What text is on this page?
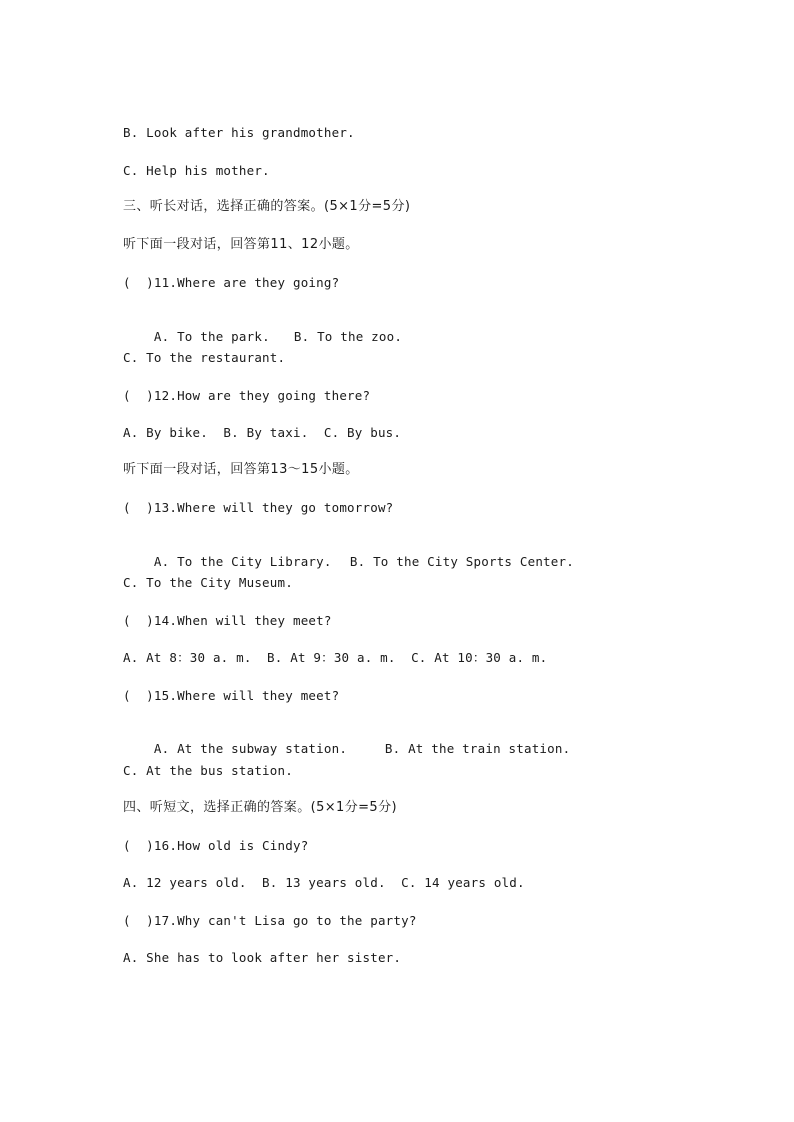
B. Look after his grandmother.
C. Help his mother.
三、听长对话，选择正确的答案。(5×1分=5分)
听下面一段对话，回答第11、12小题。
(  )11.Where are they going?

A. To the park. B. To the zoo.

C. To the restaurant.
(  )12.How are they going there?
A. By bike.  B. By taxi.  C. By bus.
听下面一段对话，回答第13～15小题。
(  )13.Where will they go tomorrow?

A. To the City Library. B. To the City Sports Center.

C. To the City Museum.
(  )14.When will they meet?
A. At 8：30 a. m.  B. At 9：30 a. m.  C. At 10：30 a. m.
(  )15.Where will they meet?

A. At the subway station.	B. At the train station.

C. At the bus station.
四、听短文，选择正确的答案。(5×1分=5分)
(  )16.How old is Cindy?
A. 12 years old.  B. 13 years old.  C. 14 years old.
(  )17.Why can't Lisa go to the party?
A. She has to look after her sister.
